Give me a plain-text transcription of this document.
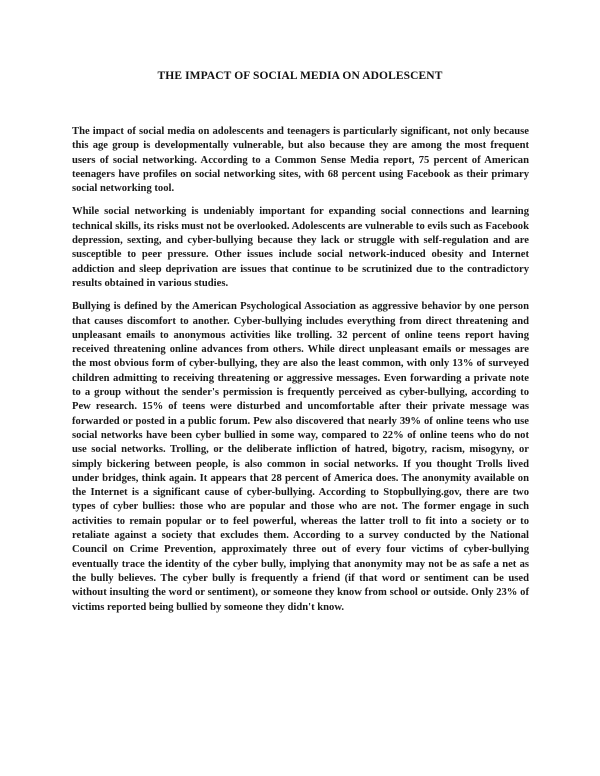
THE IMPACT OF SOCIAL MEDIA ON ADOLESCENT

The impact of social media on adolescents and teenagers is particularly significant, not only because this age group is developmentally vulnerable, but also because they are among the most frequent users of social networking. According to a Common Sense Media report, 75 percent of American teenagers have profiles on social networking sites, with 68 percent using Facebook as their primary social networking tool.

While social networking is undeniably important for expanding social connections and learning technical skills, its risks must not be overlooked. Adolescents are vulnerable to evils such as Facebook depression, sexting, and cyber-bullying because they lack or struggle with self-regulation and are susceptible to peer pressure. Other issues include social network-induced obesity and Internet addiction and sleep deprivation are issues that continue to be scrutinized due to the contradictory results obtained in various studies.

Bullying is defined by the American Psychological Association as aggressive behavior by one person that causes discomfort to another. Cyber-bullying includes everything from direct threatening and unpleasant emails to anonymous activities like trolling. 32 percent of online teens report having received threatening online advances from others. While direct unpleasant emails or messages are the most obvious form of cyber-bullying, they are also the least common, with only 13% of surveyed children admitting to receiving threatening or aggressive messages. Even forwarding a private note to a group without the sender's permission is frequently perceived as cyber-bullying, according to Pew research. 15% of teens were disturbed and uncomfortable after their private message was forwarded or posted in a public forum. Pew also discovered that nearly 39% of online teens who use social networks have been cyber bullied in some way, compared to 22% of online teens who do not use social networks. Trolling, or the deliberate infliction of hatred, bigotry, racism, misogyny, or simply bickering between people, is also common in social networks. If you thought Trolls lived under bridges, think again. It appears that 28 percent of America does. The anonymity available on the Internet is a significant cause of cyber-bullying. According to Stopbullying.gov, there are two types of cyber bullies: those who are popular and those who are not. The former engage in such activities to remain popular or to feel powerful, whereas the latter troll to fit into a society or to retaliate against a society that excludes them. According to a survey conducted by the National Council on Crime Prevention, approximately three out of every four victims of cyber-bullying eventually trace the identity of the cyber bully, implying that anonymity may not be as safe a net as the bully believes. The cyber bully is frequently a friend (if that word or sentiment can be used without insulting the word or sentiment), or someone they know from school or outside. Only 23% of victims reported being bullied by someone they didn't know.
